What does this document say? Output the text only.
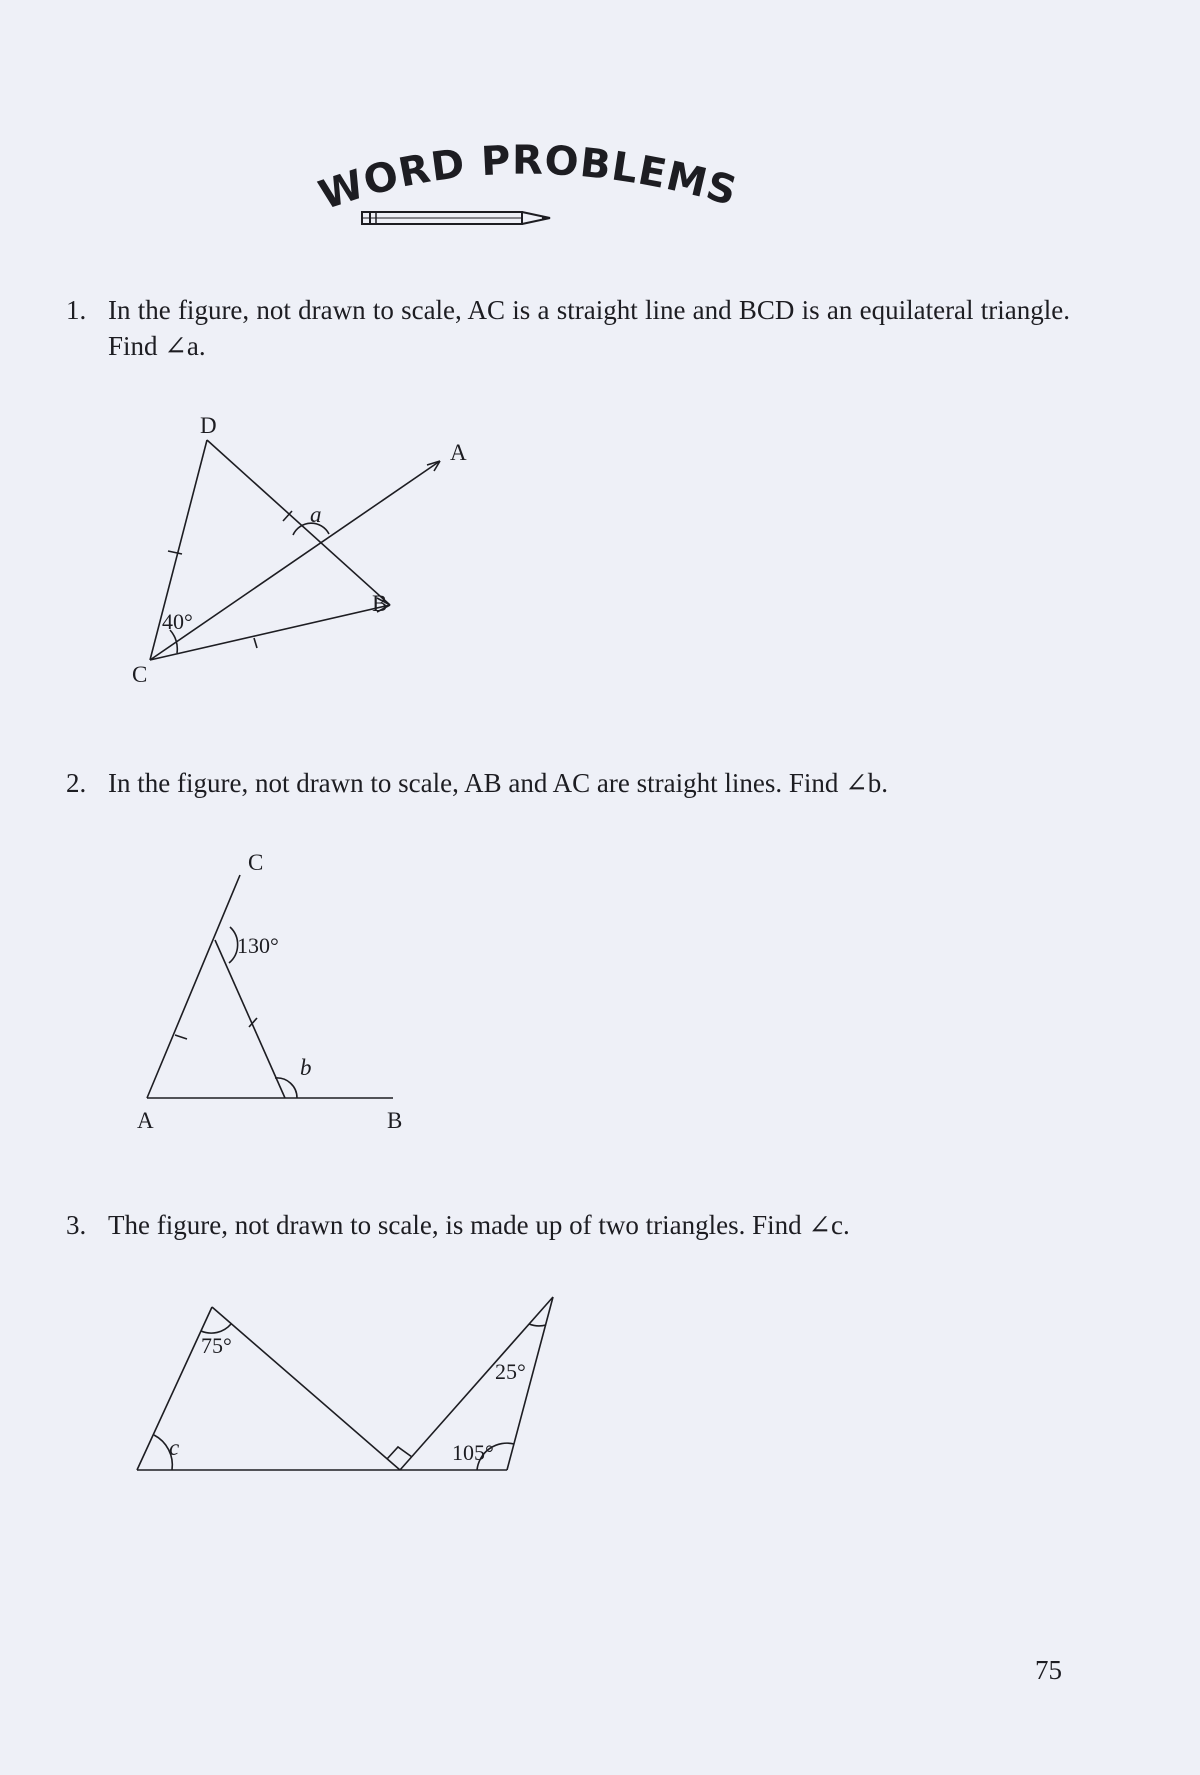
WORD PROBLEMS
1. In the figure, not drawn to scale, AC is a straight line and BCD is an equilateral triangle. Find ∠a.
D
A
B
C
40°
a
2. In the figure, not drawn to scale, AB and AC are straight lines. Find ∠b.
C
A	B
130°
b
3. The figure, not drawn to scale, is made up of two triangles. Find ∠c.
75°
25°
105°
c
75
